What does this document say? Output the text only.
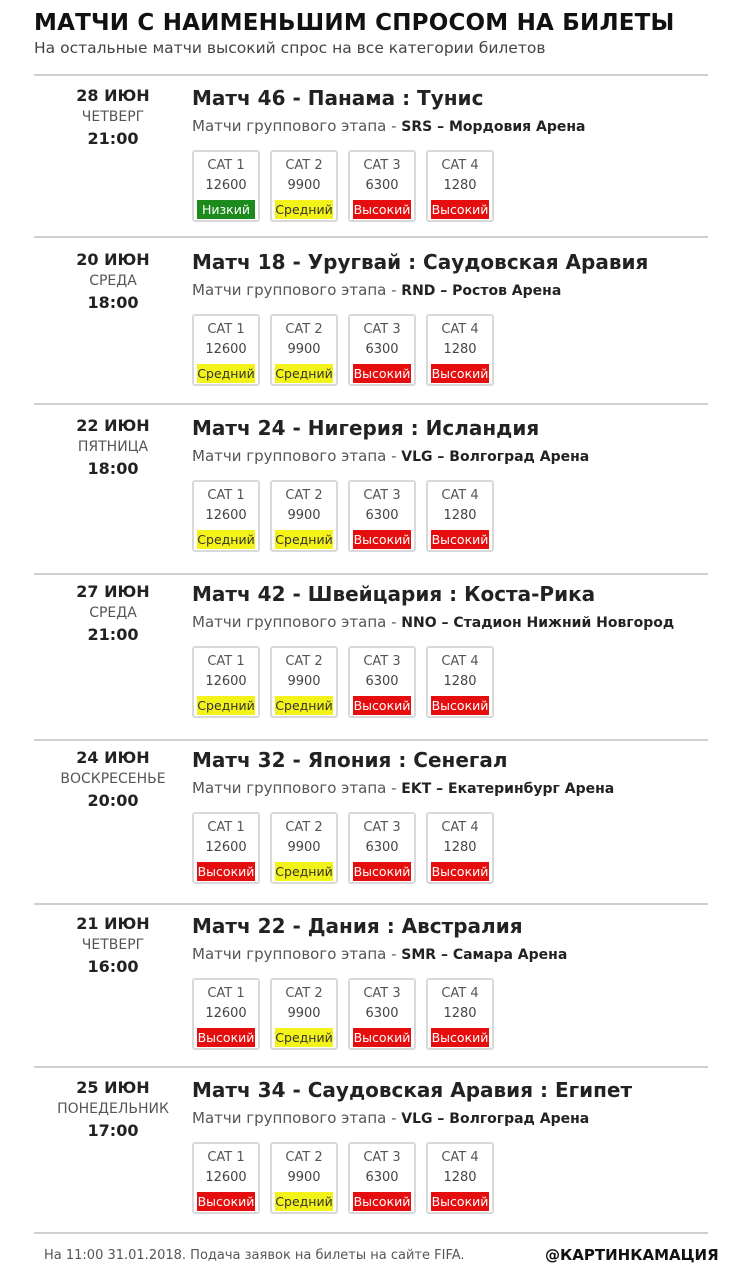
МАТЧИ С НАИМЕНЬШИМ СПРОСОМ НА БИЛЕТЫ
На остальные матчи высокий спрос на все категории билетов
28 ИЮН
ЧЕТВЕРГ
21:00
Матч 46 - Панама : Тунис
Матчи группового этапа - SRS – Мордовия Арена
CAT 1
12600
Низкий
CAT 2
9900
Средний
CAT 3
6300
Высокий
CAT 4
1280
Высокий
20 ИЮН
СРЕДА
18:00
Матч 18 - Уругвай : Саудовская Аравия
Матчи группового этапа - RND – Ростов Арена
CAT 1
12600
Средний
CAT 2
9900
Средний
CAT 3
6300
Высокий
CAT 4
1280
Высокий
22 ИЮН
ПЯТНИЦА
18:00
Матч 24 - Нигерия : Исландия
Матчи группового этапа - VLG – Волгоград Арена
CAT 1
12600
Средний
CAT 2
9900
Средний
CAT 3
6300
Высокий
CAT 4
1280
Высокий
27 ИЮН
СРЕДА
21:00
Матч 42 - Швейцария : Коста-Рика
Матчи группового этапа - NNO – Стадион Нижний Новгород
CAT 1
12600
Средний
CAT 2
9900
Средний
CAT 3
6300
Высокий
CAT 4
1280
Высокий
24 ИЮН
ВОСКРЕСЕНЬЕ
20:00
Матч 32 - Япония : Сенегал
Матчи группового этапа - EKT – Екатеринбург Арена
CAT 1
12600
Высокий
CAT 2
9900
Средний
CAT 3
6300
Высокий
CAT 4
1280
Высокий
21 ИЮН
ЧЕТВЕРГ
16:00
Матч 22 - Дания : Австралия
Матчи группового этапа - SMR – Самара Арена
CAT 1
12600
Высокий
CAT 2
9900
Средний
CAT 3
6300
Высокий
CAT 4
1280
Высокий
25 ИЮН
ПОНЕДЕЛЬНИК
17:00
Матч 34 - Саудовская Аравия : Египет
Матчи группового этапа - VLG – Волгоград Арена
CAT 1
12600
Высокий
CAT 2
9900
Средний
CAT 3
6300
Высокий
CAT 4
1280
Высокий
На 11:00 31.01.2018. Подача заявок на билеты на сайте FIFA.	@КАРТИНКАМАЦИЯ
